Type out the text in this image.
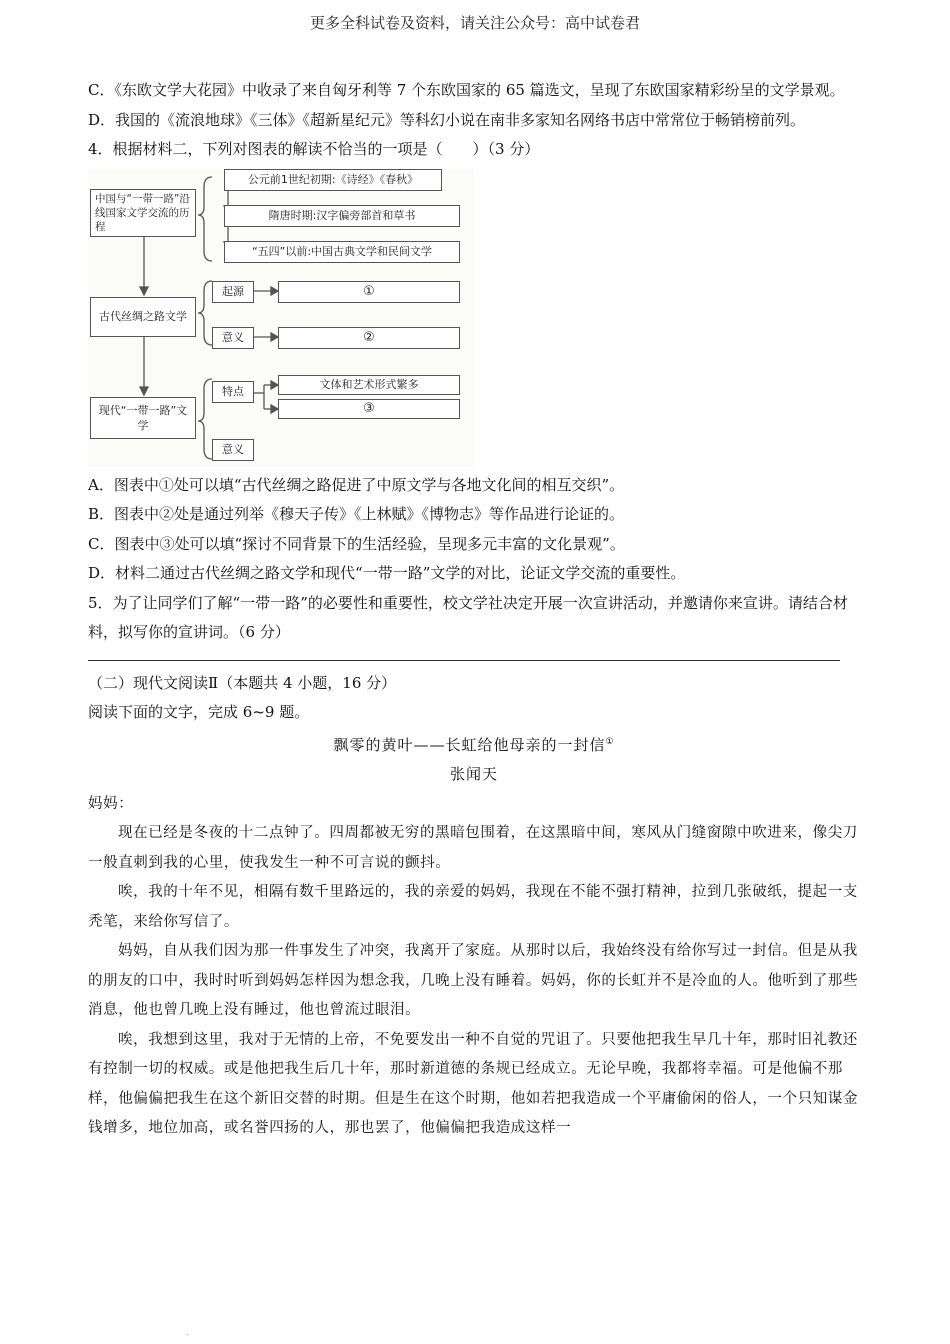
更多全科试卷及资料，请关注公众号：高中试卷君

C．《东欧文学大花园》中收录了来自匈牙利等 7 个东欧国家的 65 篇选文，呈现了东欧国家精彩纷呈的文学景观。

D．我国的《流浪地球》《三体》《超新星纪元》等科幻小说在南非多家知名网络书店中常常位于畅销榜前列。

4．根据材料二，下列对图表的解读不恰当的一项是（　　）（3 分）

中国与“一带一路”沿线国家文学交流的历程
古代丝绸之路文学
现代“一带一路”文学
公元前1世纪初期:《诗经》《春秋》
隋唐时期:汉字偏旁部首和草书
“五四”以前:中国古典文学和民间文学
起源	①
意义	②
特点
文体和艺术形式繁多
③
意义

A．图表中①处可以填“古代丝绸之路促进了中原文学与各地文化间的相互交织”。

B．图表中②处是通过列举《穆天子传》《上林赋》《博物志》等作品进行论证的。

C．图表中③处可以填“探讨不同背景下的生活经验，呈现多元丰富的文化景观”。

D．材料二通过古代丝绸之路文学和现代“一带一路”文学的对比，论证文学交流的重要性。

5．为了让同学们了解“一带一路”的必要性和重要性，校文学社决定开展一次宣讲活动，并邀请你来宣讲。请结合材料，拟写你的宣讲词。（6 分）

（二）现代文阅读Ⅱ（本题共 4 小题，16 分）

阅读下面的文字，完成 6~9 题。

飘零的黄叶——长虹给他母亲的一封信①

张闻天

妈妈：

现在已经是冬夜的十二点钟了。四周都被无穷的黑暗包围着，在这黑暗中间，寒风从门缝窗隙中吹进来，像尖刀一般直刺到我的心里，使我发生一种不可言说的颤抖。

唉，我的十年不见，相隔有数千里路远的，我的亲爱的妈妈，我现在不能不强打精神，拉到几张破纸，提起一支秃笔，来给你写信了。

妈妈，自从我们因为那一件事发生了冲突，我离开了家庭。从那时以后，我始终没有给你写过一封信。但是从我的朋友的口中，我时时听到妈妈怎样因为想念我，几晚上没有睡着。妈妈，你的长虹并不是冷血的人。他听到了那些消息，他也曾几晚上没有睡过，他也曾流过眼泪。

唉，我想到这里，我对于无情的上帝，不免要发出一种不自觉的咒诅了。只要他把我生早几十年，那时旧礼教还有控制一切的权威。或是他把我生后几十年，那时新道德的条规已经成立。无论早晚，我都将幸福。可是他偏不那样，他偏偏把我生在这个新旧交替的时期。但是生在这个时期，他如若把我造成一个平庸偷闲的俗人，一个只知谋金钱增多，地位加高，或名誉四扬的人，那也罢了，他偏偏把我造成这样一

.
